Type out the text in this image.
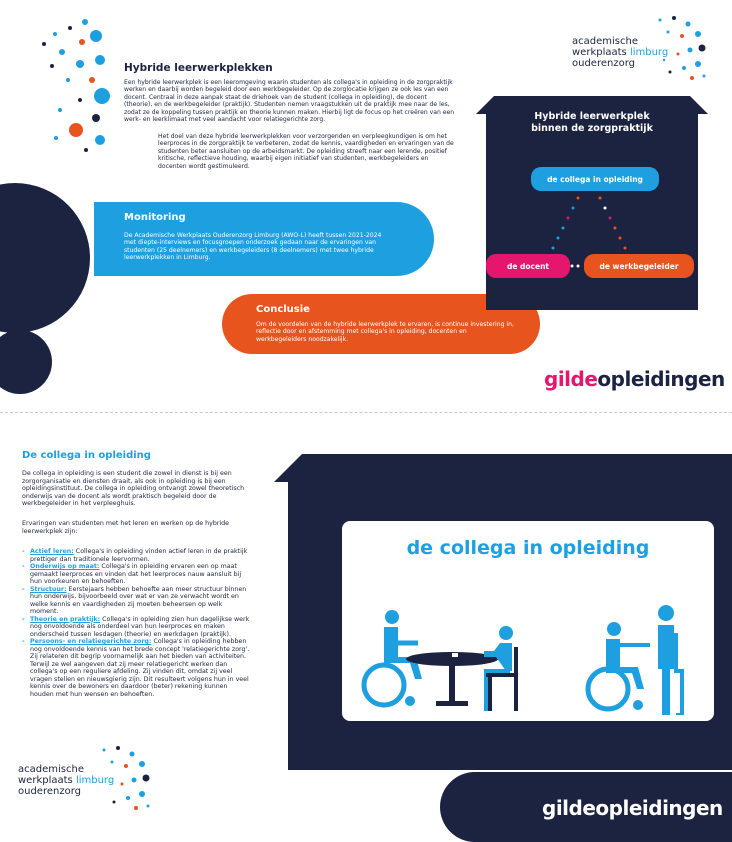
Hybride leerwerkplekken

Een hybride leerwerkplek is een leeromgeving waarin studenten als collega's in opleiding in de zorgpraktijk werken en daarbij worden begeleid door een werkbegeleider. Op de zorglocatie krijgen ze ook les van een docent. Centraal in deze aanpak staat de driehoek van de student (collega in opleiding), de docent (theorie), en de werkbegeleider (praktijk). Studenten nemen vraagstukken uit de praktijk mee naar de les, zodat ze de koppeling tussen praktijk en theorie kunnen maken. Hierbij ligt de focus op het creëren van een werk- en leerklimaat met veel aandacht voor relatiegerichte zorg.

Het doel van deze hybride leerwerkplekken voor verzorgenden en verpleegkundigen is om het leerproces in de zorgpraktijk te verbeteren, zodat de kennis, vaardigheden en ervaringen van de studenten beter aansluiten op de arbeidsmarkt. De opleiding streeft naar een lerende, positief kritische, reflectieve houding, waarbij eigen initiatief van studenten, werkbegeleiders en docenten wordt gestimuleerd.

Monitoring

De Academische Werkplaats Ouderenzorg Limburg (AWO-L) heeft tussen 2021-2024 met diepte-interviews en focusgroepen onderzoek gedaan naar de ervaringen van studenten (25 deelnemers) en werkbegeleiders (8 deelnemers) met twee hybride leerwerkplekken in Limburg.

Conclusie

Om de voordelen van de hybride leerwerkplek te ervaren, is continue investering in, reflectie door en afstemming met collega's in opleiding, docenten en werkbegeleiders noodzakelijk.

academische
werkplaats limburg
ouderenzorg
Hybride leerwerkplek
binnen de zorgpraktijk
de collega in opleiding
de docent	de werkbegeleider
gildeopleidingen
De collega in opleiding

De collega in opleiding is een student die zowel in dienst is bij een zorgorganisatie en diensten draait, als ook in opleiding is bij een opleidingsinstituut. De collega in opleiding ontvangt zowel theoretisch onderwijs van de docent als wordt praktisch begeleid door de werkbegeleider in het verpleeghuis.

Ervaringen van studenten met het leren en werken op de hybride leerwerkplek zijn:

- Actief leren: Collega's in opleiding vinden actief leren in de praktijk prettiger dan traditionele leervormen.
- Onderwijs op maat: Collega's in opleiding ervaren een op maat gemaakt leerproces en vinden dat het leerproces nauw aansluit bij hun voorkeuren en behoeften.
- Structuur: Eerstejaars hebben behoefte aan meer structuur binnen hun onderwijs, bijvoorbeeld over wat er van ze verwacht wordt en welke kennis en vaardigheden zij moeten beheersen op welk moment.
- Theorie en praktijk: Collega's in opleiding zien hun dagelijkse werk nog onvoldoende als onderdeel van hun leerproces en maken onderscheid tussen lesdagen (theorie) en werkdagen (praktijk).
- Persoons- en relatiegerichte zorg: Collega's in opleiding hebben nog onvoldoende kennis van het brede concept 'relatiegerichte zorg'. Zij relateren dit begrip voornamelijk aan het bieden van activiteiten. Terwijl ze wel aangeven dat zij meer relatiegericht werken dan collega's op een reguliere afdeling. Zij vinden dit, omdat zij veel vragen stellen en nieuwsgierig zijn. Dit resulteert volgens hun in veel kennis over de bewoners en daardoor (beter) rekening kunnen houden met hun wensen en behoeften.
de collega in opleiding
gildeopleidingen
academische
werkplaats limburg
ouderenzorg
